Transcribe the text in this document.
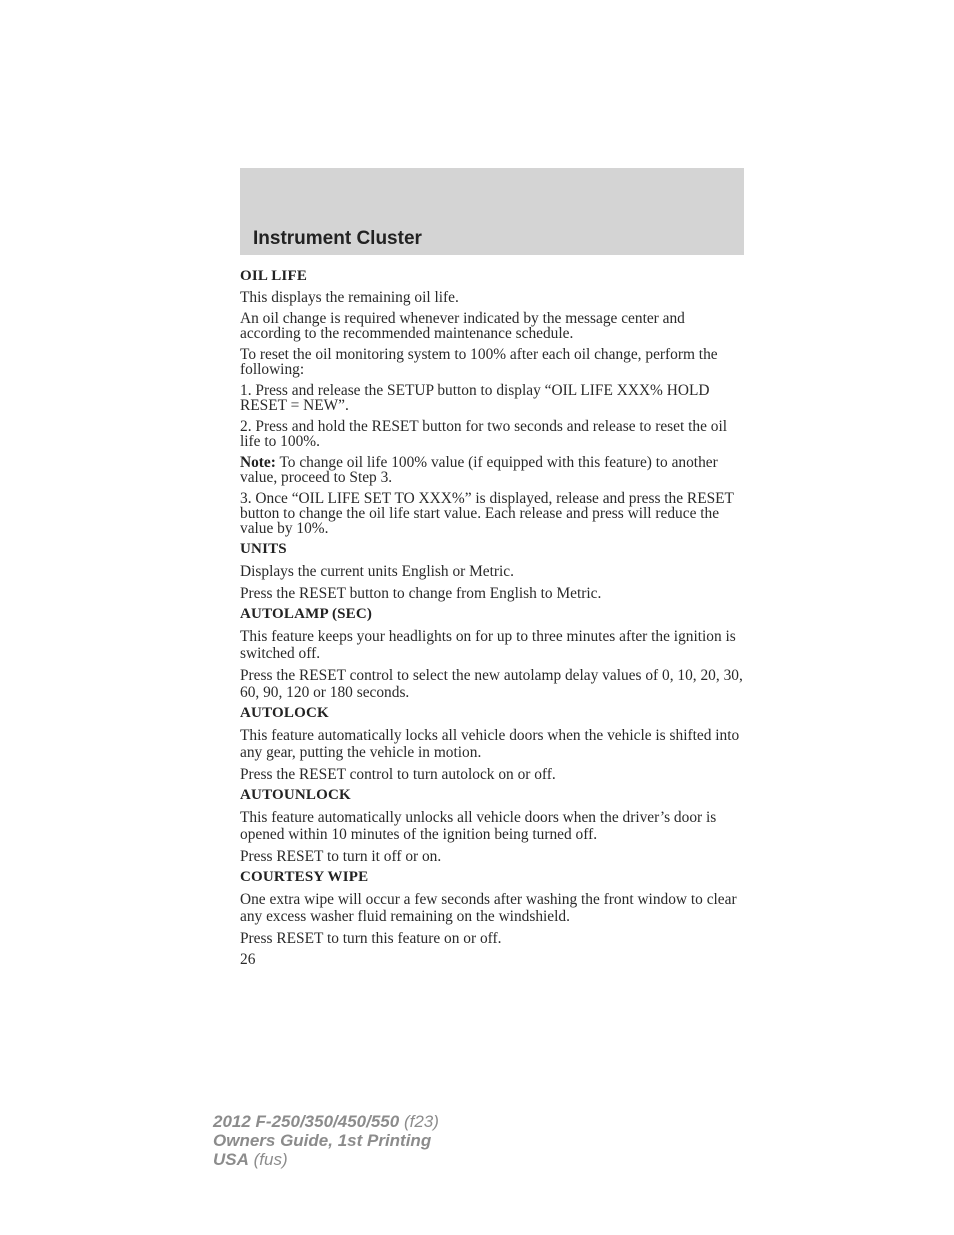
Instrument Cluster
OIL LIFE

This displays the remaining oil life.

An oil change is required whenever indicated by the message center and according to the recommended maintenance schedule.

To reset the oil monitoring system to 100% after each oil change, perform the following:

1. Press and release the SETUP button to display “OIL LIFE XXX% HOLD RESET = NEW”.

2. Press and hold the RESET button for two seconds and release to reset the oil life to 100%.

Note: To change oil life 100% value (if equipped with this feature) to another value, proceed to Step 3.

3. Once “OIL LIFE SET TO XXX%” is displayed, release and press the RESET button to change the oil life start value. Each release and press will reduce the value by 10%.

UNITS

Displays the current units English or Metric.

Press the RESET button to change from English to Metric.

AUTOLAMP (SEC)

This feature keeps your headlights on for up to three minutes after the ignition is switched off.

Press the RESET control to select the new autolamp delay values of 0, 10, 20, 30, 60, 90, 120 or 180 seconds.

AUTOLOCK

This feature automatically locks all vehicle doors when the vehicle is shifted into any gear, putting the vehicle in motion.

Press the RESET control to turn autolock on or off.

AUTOUNLOCK

This feature automatically unlocks all vehicle doors when the driver’s door is opened within 10 minutes of the ignition being turned off.

Press RESET to turn it off or on.

COURTESY WIPE

One extra wipe will occur a few seconds after washing the front window to clear any excess washer fluid remaining on the windshield.

Press RESET to turn this feature on or off.

26

2012 F-250/350/450/550 (f23)
Owners Guide, 1st Printing
USA (fus)
